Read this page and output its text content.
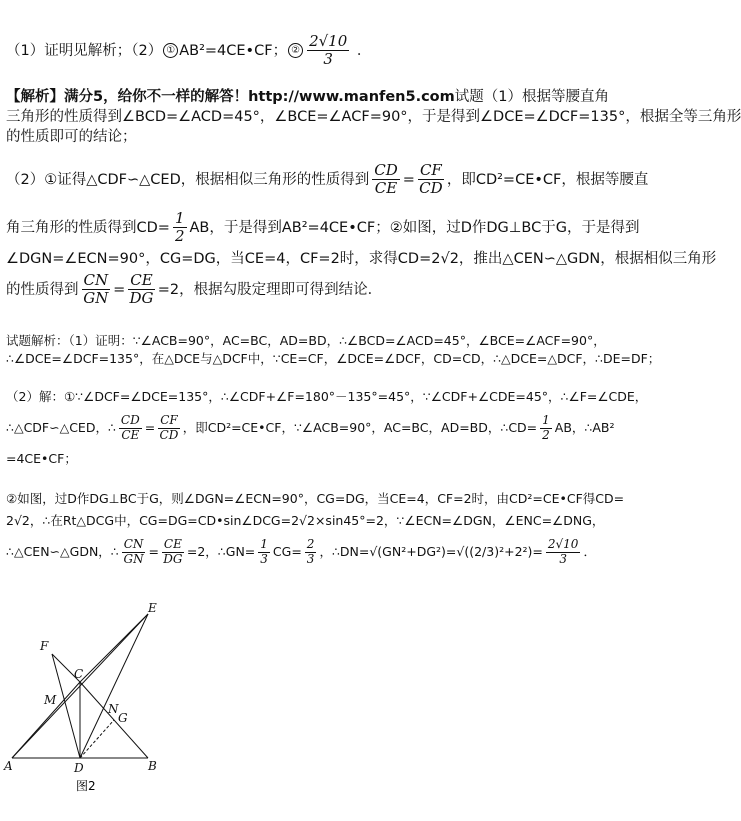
（1）证明见解析；（2） ① AB²=4CE•CF； ② $\frac{2√10}{3}$ ．
【解析】满分5，给你不一样的解答！http://www.manfen5.com试题（1）根据等腰直角
三角形的性质得到∠BCD=∠ACD=45°，∠BCE=∠ACF=90°，于是得到∠DCE=∠DCF=135°，根据全等三角形
的性质即可的结论；
（2）①证得△CDF∽△CED，根据相似三角形的性质得到 $\frac{CD}{CE} = \frac{CF}{CD}$ ，即CD²=CE•CF，根据等腰直
角三角形的性质得到$CD= \frac{1}{2}$ AB，于是得到AB²=4CE•CF；②如图，过D作DG⊥BC于G，于是得到
∠DGN=∠ECN=90°，CG=DG，当CE=4，CF=2时，求得CD=2√2，推出△CEN∽△GDN，根据相似三角形
的性质得到 $\frac{CN}{GN} = \frac{CE}{DG} =2$，根据勾股定理即可得到结论．
试题解析：（1）证明：∵∠ACB=90°，AC=BC，AD=BD，∴∠BCD=∠ACD=45°，∠BCE=∠ACF=90°，
∴∠DCE=∠DCF=135°，在△DCE与△DCF中，∵CE=CF，∠DCE=∠DCF，CD=CD，∴△DCE=△DCF，∴DE=DF；
（2）解：①∵∠DCF=∠DCE=135°，∴∠CDF+∠F=180°－135°=45°，∵∠CDF+∠CDE=45°，∴∠F=∠CDE，
∴△CDF∽△CED，∴ $\frac{CD}{CE} = \frac{CF}{CD}$ ，即CD²=CE•CF，∵∠ACB=90°，AC=BC，AD=BD，∴CD= $\frac{1}{2}$ AB，∴AB²
=4CE•CF；
②如图，过D作DG⊥BC于G，则∠DGN=∠ECN=90°，CG=DG，当CE=4，CF=2时，由CD²=CE•CF得CD=
2√2，∴在Rt△DCG中，CG=DG=CD•sin∠DCG=2√2×sin45°=2，∵∠ECN=∠DGN，∠ENC=∠DNG，
∴△CEN∽△GDN，∴ $\frac{CN}{GN} = \frac{CE}{DG} =2$，∴GN= $\frac{1}{3} CG= \frac{2}{3}$ ，∴DN=√(GN²+DG²)=√((2/3)²+2²)= $\frac{2√10}{3}$ ．
E
F
C
M
N
G
A	D	B
图2
